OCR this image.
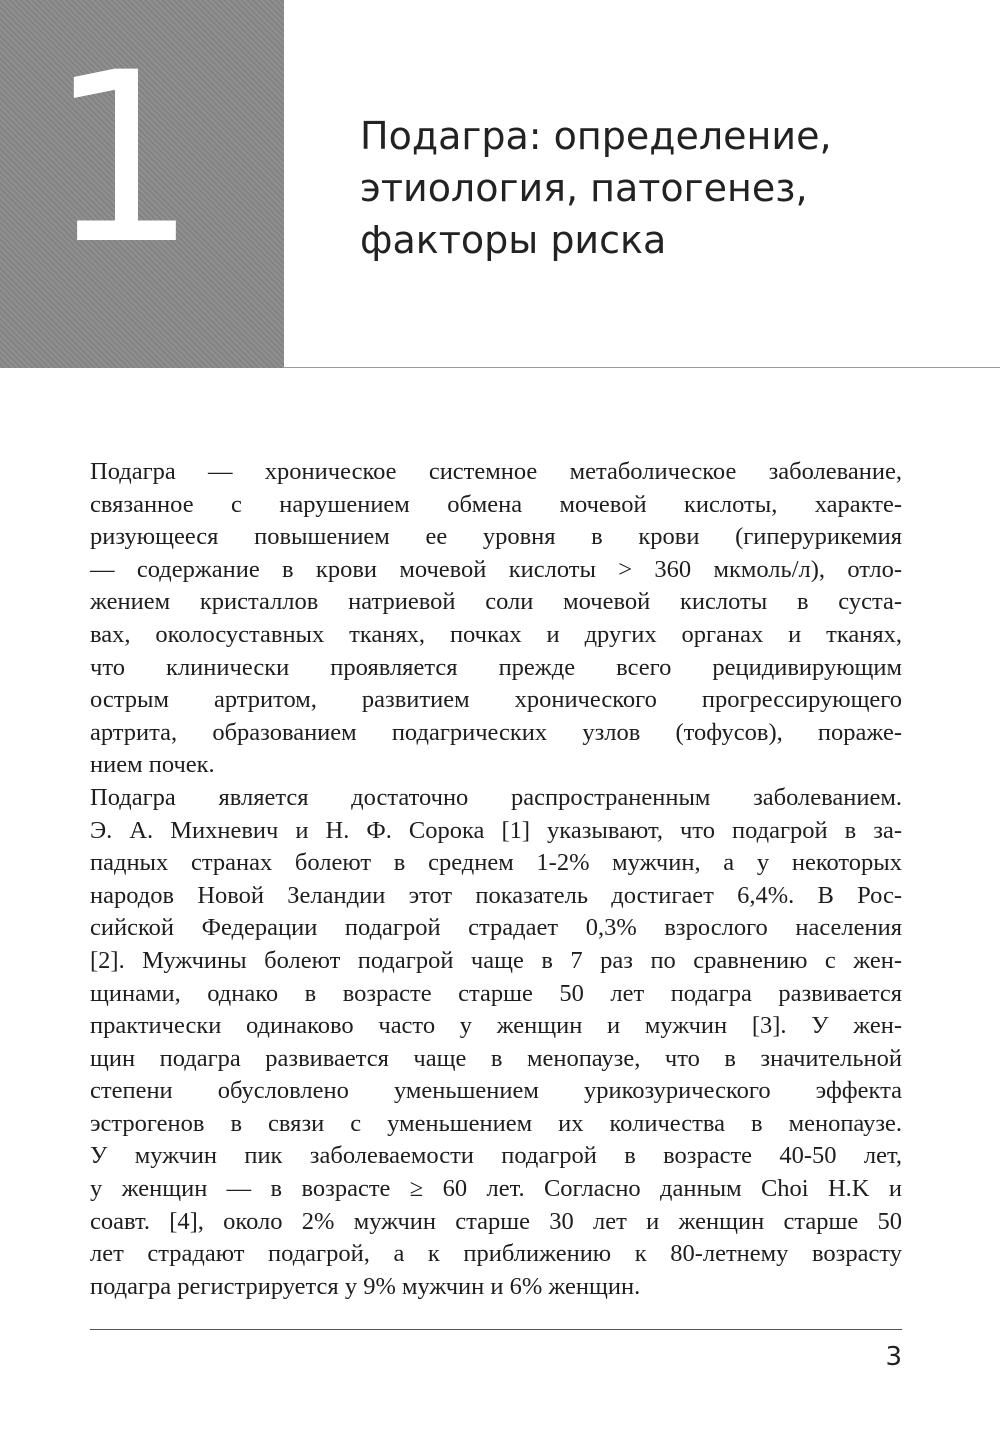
1	Подагра: определение,
этиология, патогенез,
факторы риска
Подагра — хроническое системное метаболическое заболевание,
связанное с нарушением обмена мочевой кислоты, характе-
ризующееся повышением ее уровня в крови (гиперурикемия
— содержание в крови мочевой кислоты > 360 мкмоль/л), отло-
жением кристаллов натриевой соли мочевой кислоты в суста-
вах, околосуставных тканях, почках и других органах и тканях,
что клинически проявляется прежде всего рецидивирующим
острым артритом, развитием хронического прогрессирующего
артрита, образованием подагрических узлов (тофусов), пораже-
нием почек.
Подагра является достаточно распространенным заболеванием.
Э. А. Михневич и Н. Ф. Сорока [1] указывают, что подагрой в за-
падных странах болеют в среднем 1-2% мужчин, а у некоторых
народов Новой Зеландии этот показатель достигает 6,4%. В Рос-
сийской Федерации подагрой страдает 0,3% взрослого населения
[2]. Мужчины болеют подагрой чаще в 7 раз по сравнению с жен-
щинами, однако в возрасте старше 50 лет подагра развивается
практически одинаково часто у женщин и мужчин [3]. У жен-
щин подагра развивается чаще в менопаузе, что в значительной
степени обусловлено уменьшением урикозурического эффекта
эстрогенов в связи с уменьшением их количества в менопаузе.
У мужчин пик заболеваемости подагрой в возрасте 40-50 лет,
у женщин — в возрасте ≥ 60 лет. Согласно данным Choi H.K и
соавт. [4], около 2% мужчин старше 30 лет и женщин старше 50
лет страдают подагрой, а к приближению к 80-летнему возрасту
подагра регистрируется у 9% мужчин и 6% женщин.
3
